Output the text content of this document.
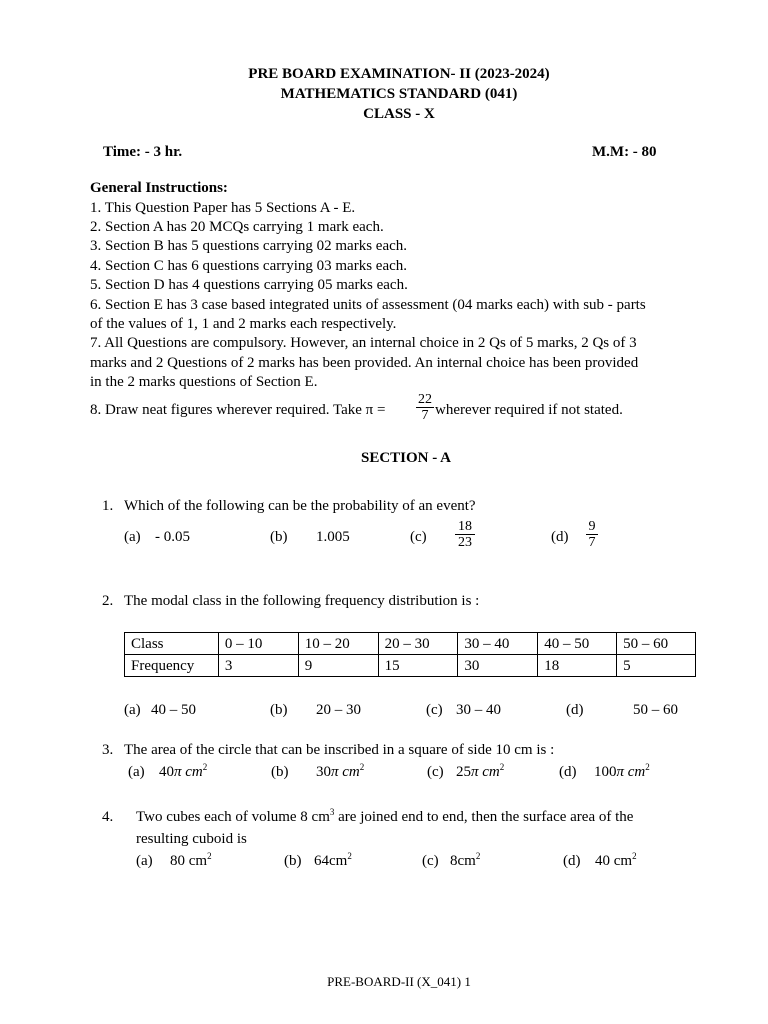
PRE BOARD EXAMINATION- II (2023-2024)
MATHEMATICS STANDARD (041)
CLASS - X
Time: - 3 hr.	M.M: - 80
General Instructions:
1. This Question Paper has 5 Sections A - E.
2. Section A has 20 MCQs carrying 1 mark each.
3. Section B has 5 questions carrying 02 marks each.
4. Section C has 6 questions carrying 03 marks each.
5. Section D has 4 questions carrying 05 marks each.
6. Section E has 3 case based integrated units of assessment (04 marks each) with sub - parts
of the values of 1, 1 and 2 marks each respectively.
7. All Questions are compulsory. However, an internal choice in 2 Qs of 5 marks, 2 Qs of 3
marks and 2 Questions of 2 marks has been provided. An internal choice has been provided
in the 2 marks questions of Section E.
8. Draw neat figures wherever required. Take $\pi = \frac{22}{7}$ wherever required if not stated.
SECTION - A
1. Which of the following can be the probability of an event?
(a) - 0.05	(b) 1.005	$(c) \frac{18}{23}$	$(d) \frac{9}{7}$
2. The modal class in the following frequency distribution is :
Class	0 – 10	10 – 20	20 – 30	30 – 40	40 – 50	50 – 60
Frequency	3	9	15	30	18	5
(a) 40 – 50	(b) 20 – 30	(c) 30 – 40	(d)	50 – 60
3. The area of the circle that can be inscribed in a square of side 10 cm is :
(a) 40π $cm^2$	(b) 30π $cm^2$	(c) 25π $cm^2$	(d) 100π $cm^2$
4. Two cubes each of volume 8 $cm^3$ are joined end to end, then the surface area of the
resulting cuboid is
(a) 80 $cm^2$	(b) $64cm^2$	(c) $8cm^2$	(d) 40 $cm^2$
PRE-BOARD-II (X_041) 1
